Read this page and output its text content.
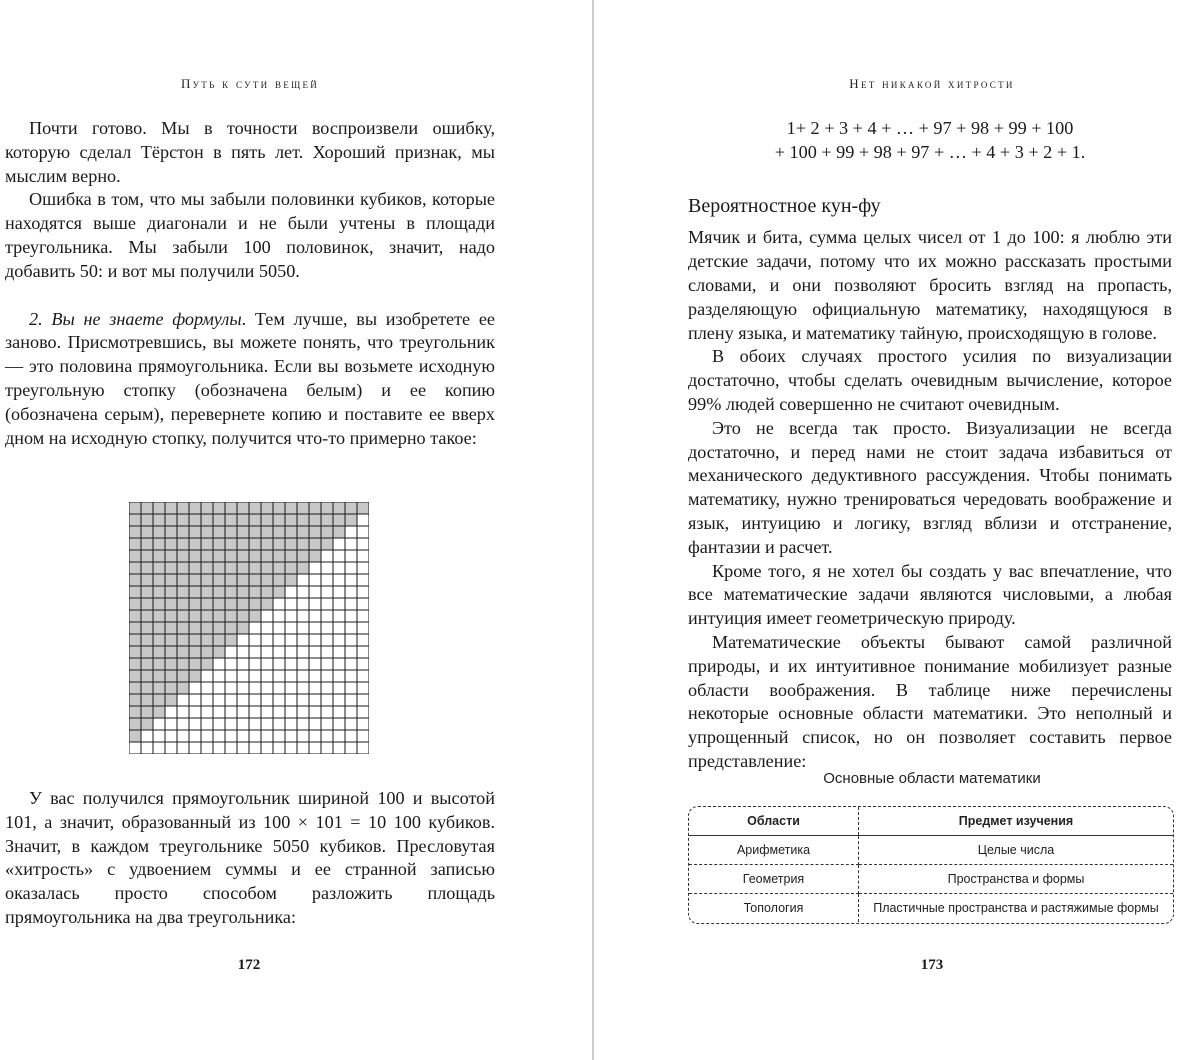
Путь к сути вещей

Почти готово. Мы в точности воспроизвели ошибку, которую сделал Тёрстон в пять лет. Хороший признак, мы мыслим верно.

Ошибка в том, что мы забыли половинки кубиков, которые находятся выше диагонали и не были учтены в площади треугольника. Мы забыли 100 половинок, значит, надо добавить 50: и вот мы получили 5050.

2. Вы не знаете формулы. Тем лучше, вы изобретете ее заново. Присмотревшись, вы можете понять, что треугольник — это половина прямоугольника. Если вы возьмете исходную треугольную стопку (обозначена белым) и ее копию (обозначена серым), перевернете копию и поставите ее вверх дном на исходную стопку, получится что-то примерно такое:

У вас получился прямоугольник шириной 100 и высотой 101, а значит, образованный из 100 × 101 = 10 100 кубиков. Значит, в каждом треугольнике 5050 кубиков. Пресловутая «хитрость» с удвоением суммы и ее странной записью оказалась просто способом разложить площадь прямоугольника на два треугольника:

172
Нет никакой хитрости

1+ 2 + 3 + 4 + … + 97 + 98 + 99 + 100

+ 100 + 99 + 98 + 97 + … + 4 + 3 + 2 + 1.

Вероятностное кун-фу

Мячик и бита, сумма целых чисел от 1 до 100: я люблю эти детские задачи, потому что их можно рассказать простыми словами, и они позволяют бросить взгляд на пропасть, разделяющую официальную математику, находящуюся в плену языка, и математику тайную, происходящую в голове.

В обоих случаях простого усилия по визуализации достаточно, чтобы сделать очевидным вычисление, которое 99% людей совершенно не считают очевидным.

Это не всегда так просто. Визуализации не всегда достаточно, и перед нами не стоит задача избавиться от механического дедуктивного рассуждения. Чтобы понимать математику, нужно тренироваться чередовать воображение и язык, интуицию и логику, взгляд вблизи и отстранение, фантазии и расчет.

Кроме того, я не хотел бы создать у вас впечатление, что все математические задачи являются числовыми, а любая интуиция имеет геометрическую природу.

Математические объекты бывают самой различной природы, и их интуитивное понимание мобилизует разные области воображения. В таблице ниже перечислены некоторые основные области математики. Это неполный и упрощенный список, но он позволяет составить первое представление:

Основные области математики
Области	Предмет изучения
Арифметика	Целые числа
Геометрия	Пространства и формы
Топология	Пластичные пространства и растяжимые формы
173
